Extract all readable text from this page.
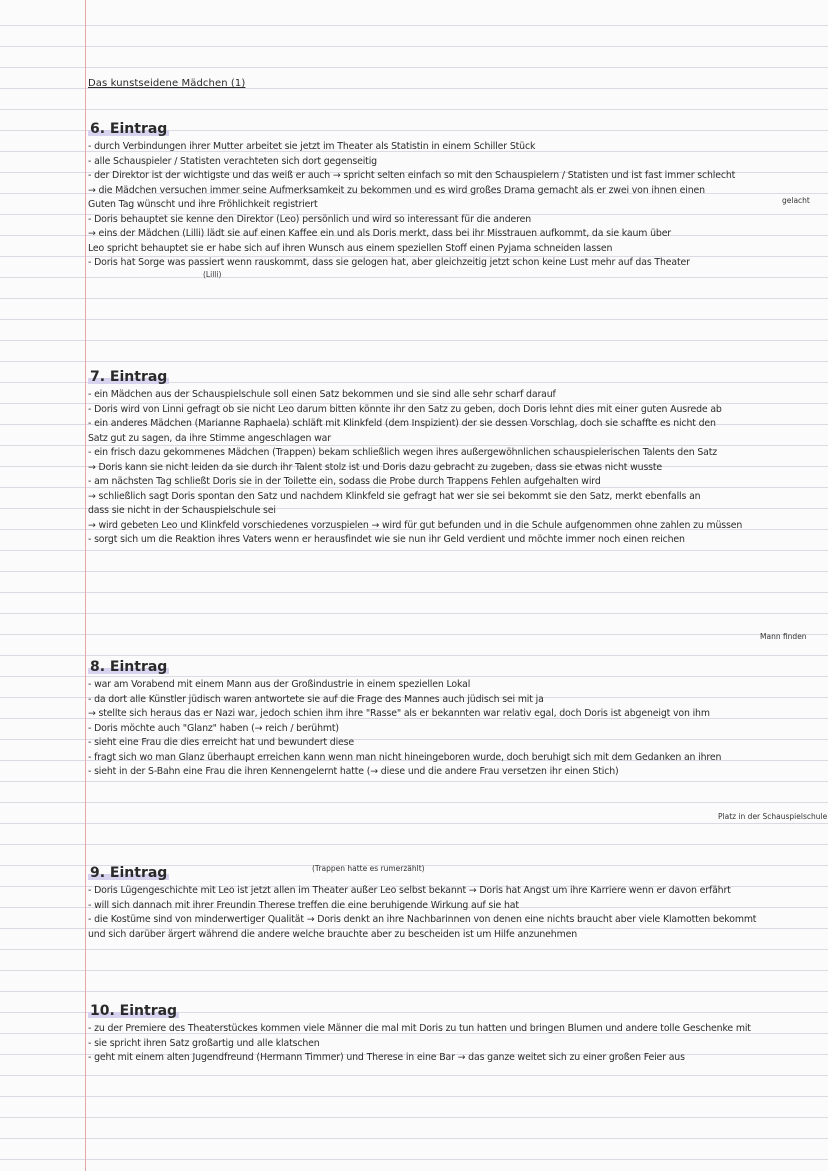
Das kunstseidene Mädchen (1)
6. Eintrag
- durch Verbindungen ihrer Mutter arbeitet sie jetzt im Theater als Statistin in einem Schiller Stück
- alle Schauspieler / Statisten verachteten sich dort gegenseitig
- der Direktor ist der wichtigste und das weiß er auch → spricht selten einfach so mit den Schauspielern / Statisten und ist fast immer schlecht
→ die Mädchen versuchen immer seine Aufmerksamkeit zu bekommen und es wird großes Drama gemacht als er zwei von ihnen einen
Guten Tag wünscht und ihre Fröhlichkeit registriert
- Doris behauptet sie kenne den Direktor (Leo) persönlich und wird so interessant für die anderen
→ eins der Mädchen (Lilli) lädt sie auf einen Kaffee ein und als Doris merkt, dass bei ihr Misstrauen aufkommt, da sie kaum über
Leo spricht behauptet sie er habe sich auf ihren Wunsch aus einem speziellen Stoff einen Pyjama schneiden lassen
- Doris hat Sorge was passiert wenn rauskommt, dass sie gelogen hat, aber gleichzeitig jetzt schon keine Lust mehr auf das Theater
7. Eintrag
- ein Mädchen aus der Schauspielschule soll einen Satz bekommen und sie sind alle sehr scharf darauf
- Doris wird von Linni gefragt ob sie nicht Leo darum bitten könnte ihr den Satz zu geben, doch Doris lehnt dies mit einer guten Ausrede ab
- ein anderes Mädchen (Marianne Raphaela) schläft mit Klinkfeld (dem Inspizient) der sie dessen Vorschlag, doch sie schaffte es nicht den
Satz gut zu sagen, da ihre Stimme angeschlagen war
- ein frisch dazu gekommenes Mädchen (Trappen) bekam schließlich wegen ihres außergewöhnlichen schauspielerischen Talents den Satz
→ Doris kann sie nicht leiden da sie durch ihr Talent stolz ist und Doris dazu gebracht zu zugeben, dass sie etwas nicht wusste
- am nächsten Tag schließt Doris sie in der Toilette ein, sodass die Probe durch Trappens Fehlen aufgehalten wird
→ schließlich sagt Doris spontan den Satz und nachdem Klinkfeld sie gefragt hat wer sie sei bekommt sie den Satz, merkt ebenfalls an
dass sie nicht in der Schauspielschule sei
→ wird gebeten Leo und Klinkfeld vorschiedenes vorzuspielen → wird für gut befunden und in die Schule aufgenommen ohne zahlen zu müssen
- sorgt sich um die Reaktion ihres Vaters wenn er herausfindet wie sie nun ihr Geld verdient und möchte immer noch einen reichen
8. Eintrag
- war am Vorabend mit einem Mann aus der Großindustrie in einem speziellen Lokal
- da dort alle Künstler jüdisch waren antwortete sie auf die Frage des Mannes auch jüdisch sei mit ja
→ stellte sich heraus das er Nazi war, jedoch schien ihm ihre "Rasse" als er bekannten war relativ egal, doch Doris ist abgeneigt von ihm
- Doris möchte auch "Glanz" haben (→ reich / berühmt)
- sieht eine Frau die dies erreicht hat und bewundert diese
- fragt sich wo man Glanz überhaupt erreichen kann wenn man nicht hineingeboren wurde, doch beruhigt sich mit dem Gedanken an ihren
- sieht in der S-Bahn eine Frau die ihren Kennengelernt hatte (→ diese und die andere Frau versetzen ihr einen Stich)
9. Eintrag
- Doris Lügengeschichte mit Leo ist jetzt allen im Theater außer Leo selbst bekannt → Doris hat Angst um ihre Karriere wenn er davon erfährt
- will sich dannach mit ihrer Freundin Therese treffen die eine beruhigende Wirkung auf sie hat
- die Kostüme sind von minderwertiger Qualität → Doris denkt an ihre Nachbarinnen von denen eine nichts braucht aber viele Klamotten bekommt
und sich darüber ärgert während die andere welche brauchte aber zu bescheiden ist um Hilfe anzunehmen
10. Eintrag
- zu der Premiere des Theaterstückes kommen viele Männer die mal mit Doris zu tun hatten und bringen Blumen und andere tolle Geschenke mit
- sie spricht ihren Satz großartig und alle klatschen
- geht mit einem alten Jugendfreund (Hermann Timmer) und Therese in eine Bar → das ganze weitet sich zu einer großen Feier aus
gelacht
(Lilli)
Mann finden
Platz in der Schauspielschule
(Trappen hatte es rumerzählt)
